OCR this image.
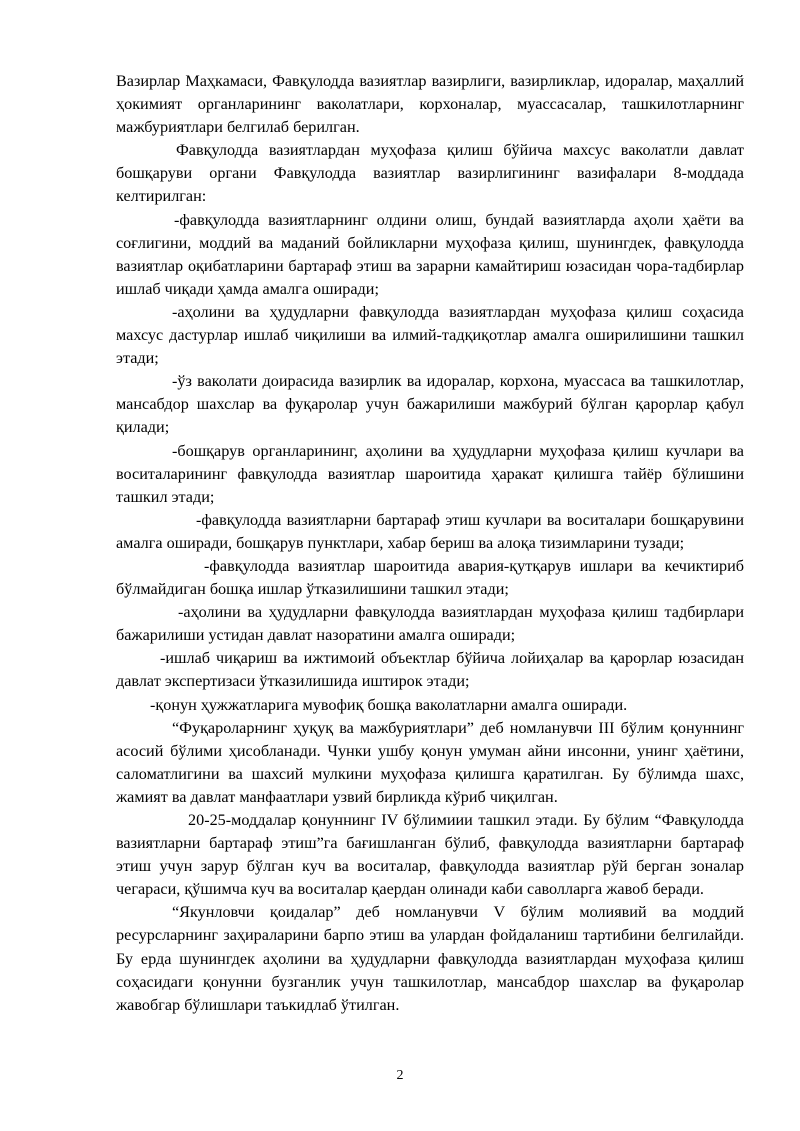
Вазирлар Маҳкамаси, Фавқулодда вазиятлар вазирлиги, вазирликлар, идоралар, маҳаллий ҳокимият органларининг ваколатлари, корхоналар, муассасалар, ташкилотларнинг мажбуриятлари белгилаб берилган.

Фавқулодда вазиятлардан муҳофаза қилиш бўйича махсус ваколатли давлат бошқаруви органи Фавқулодда вазиятлар вазирлигининг вазифалари 8-моддада келтирилган:

-фавқулодда вазиятларнинг олдини олиш, бундай вазиятларда аҳоли ҳаёти ва соғлигини, моддий ва маданий бойликларни муҳофаза қилиш, шунингдек, фавқулодда вазиятлар оқибатларини бартараф этиш ва зарарни камайтириш юзасидан чора-тадбирлар ишлаб чиқади ҳамда амалга оширади;

-аҳолини ва ҳудудларни фавқулодда вазиятлардан муҳофаза қилиш соҳасида махсус дастурлар ишлаб чиқилиши ва илмий-тадқиқотлар амалга оширилишини ташкил этади;

-ўз ваколати доирасида вазирлик ва идоралар, корхона, муассаса ва ташкилотлар, мансабдор шахслар ва фуқаролар учун бажарилиши мажбурий бўлган қарорлар қабул қилади;

-бошқарув органларининг, аҳолини ва ҳудудларни муҳофаза қилиш кучлари ва воситаларининг фавқулодда вазиятлар шароитида ҳаракат қилишга тайёр бўлишини ташкил этади;

-фавқулодда вазиятларни бартараф этиш кучлари ва воситалари бошқарувини амалга оширади, бошқарув пунктлари, хабар бериш ва алоқа тизимларини тузади;

-фавқулодда вазиятлар шароитида авария-қутқарув ишлари ва кечиктириб бўлмайдиган бошқа ишлар ўтказилишини ташкил этади;

-аҳолини ва ҳудудларни фавқулодда вазиятлардан муҳофаза қилиш тадбирлари бажарилиши устидан давлат назоратини амалга оширади;

-ишлаб чиқариш ва ижтимоий объектлар бўйича лойиҳалар ва қарорлар юзасидан давлат экспертизаси ўтказилишида иштирок этади;

-қонун ҳужжатларига мувофиқ бошқа ваколатларни амалга оширади.

“Фуқароларнинг ҳуқуқ ва мажбуриятлари” деб номланувчи III бўлим қонуннинг асосий бўлими ҳисобланади. Чунки ушбу қонун умуман айни инсонни, унинг ҳаётини, саломатлигини ва шахсий мулкини муҳофаза қилишга қаратилган. Бу бўлимда шахс, жамият ва давлат манфаатлари узвий бирликда кўриб чиқилган.

20-25-моддалар қонуннинг IV бўлимиии ташкил этади. Бу бўлим “Фавқулодда вазиятларни бартараф этиш”га бағишланган бўлиб, фавқулодда вазиятларни бартараф этиш учун зарур бўлган куч ва воситалар, фавқулодда вазиятлар рўй берган зоналар чегараси, қўшимча куч ва воситалар қаердан олинади каби саволларга жавоб беради.

“Якунловчи қоидалар” деб номланувчи V бўлим молиявий ва моддий ресурсларнинг заҳираларини барпо этиш ва улардан фойдаланиш тартибини белгилайди. Бу ерда шунингдек аҳолини ва ҳудудларни фавқулодда вазиятлардан муҳофаза қилиш соҳасидаги қонунни бузганлик учун ташкилотлар, мансабдор шахслар ва фуқаролар жавобгар бўлишлари таъкидлаб ўтилган.

2
